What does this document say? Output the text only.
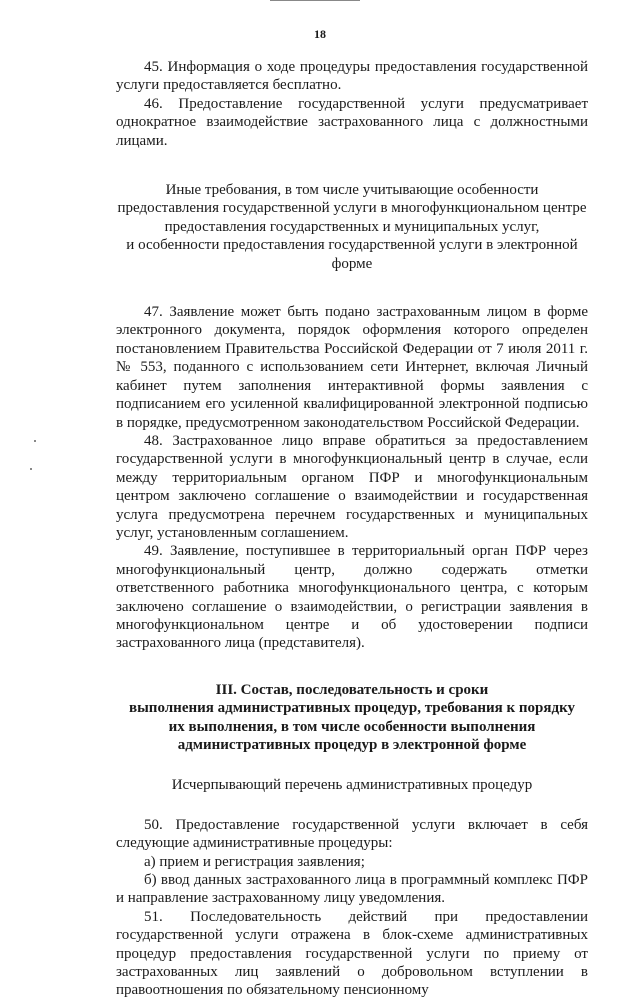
18

45. Информация о ходе процедуры предоставления государственной услуги предоставляется бесплатно.

46. Предоставление государственной услуги предусматривает однократное взаимодействие застрахованного лица с должностными лицами.

Иные требования, в том числе учитывающие особенности
предоставления государственной услуги в многофункциональном центре
предоставления государственных и муниципальных услуг,
и особенности предоставления государственной услуги в электронной форме

47. Заявление может быть подано застрахованным лицом в форме электронного документа, порядок оформления которого определен постановлением Правительства Российской Федерации от 7 июля 2011 г. № 553, поданного с использованием сети Интернет, включая Личный кабинет путем заполнения интерактивной формы заявления с подписанием его усиленной квалифицированной электронной подписью в порядке, предусмотренном законодательством Российской Федерации.

48. Застрахованное лицо вправе обратиться за предоставлением государственной услуги в многофункциональный центр в случае, если между территориальным органом ПФР и многофункциональным центром заключено соглашение о взаимодействии и государственная услуга предусмотрена перечнем государственных и муниципальных услуг, установленным соглашением.

49. Заявление, поступившее в территориальный орган ПФР через многофункциональный центр, должно содержать отметки ответственного работника многофункционального центра, с которым заключено соглашение о взаимодействии, о регистрации заявления в многофункциональном центре и об удостоверении подписи застрахованного лица (представителя).

III. Состав, последовательность и сроки
выполнения административных процедур, требования к порядку
их выполнения, в том числе особенности выполнения
административных процедур в электронной форме
Исчерпывающий перечень административных процедур

50. Предоставление государственной услуги включает в себя следующие административные процедуры:

а) прием и регистрация заявления;

б) ввод данных застрахованного лица в программный комплекс ПФР и направление застрахованному лицу уведомления.

51. Последовательность действий при предоставлении государственной услуги отражена в блок-схеме административных процедур предоставления государственной услуги по приему от застрахованных лиц заявлений о добровольном вступлении в правоотношения по обязательному пенсионному
